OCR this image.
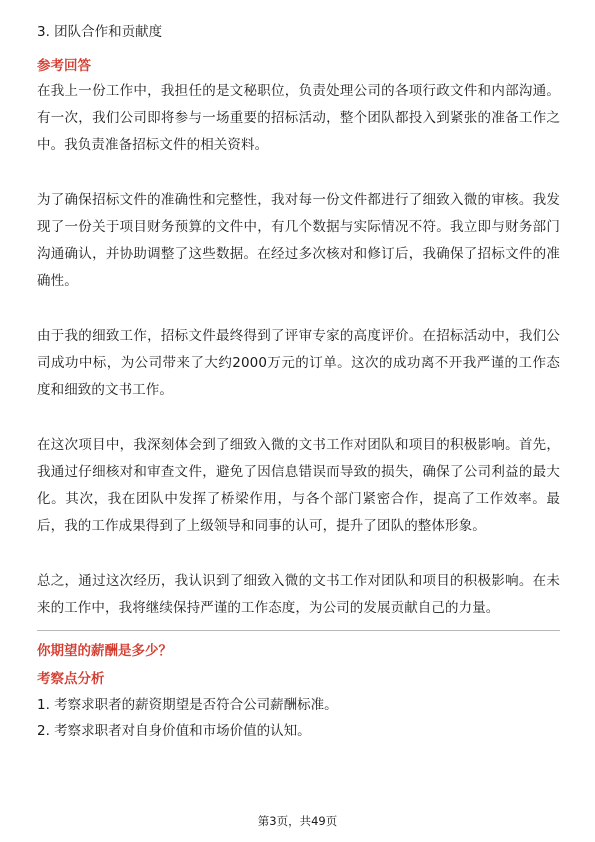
3. 团队合作和贡献度
参考回答

在我上一份工作中，我担任的是文秘职位，负责处理公司的各项行政文件和内部沟通。有一次，我们公司即将参与一场重要的招标活动，整个团队都投入到紧张的准备工作之中。我负责准备招标文件的相关资料。

为了确保招标文件的准确性和完整性，我对每一份文件都进行了细致入微的审核。我发现了一份关于项目财务预算的文件中，有几个数据与实际情况不符。我立即与财务部门沟通确认，并协助调整了这些数据。在经过多次核对和修订后，我确保了招标文件的准确性。

由于我的细致工作，招标文件最终得到了评审专家的高度评价。在招标活动中，我们公司成功中标，为公司带来了大约2000万元的订单。这次的成功离不开我严谨的工作态度和细致的文书工作。

在这次项目中，我深刻体会到了细致入微的文书工作对团队和项目的积极影响。首先，我通过仔细核对和审查文件，避免了因信息错误而导致的损失，确保了公司利益的最大化。其次，我在团队中发挥了桥梁作用，与各个部门紧密合作，提高了工作效率。最后，我的工作成果得到了上级领导和同事的认可，提升了团队的整体形象。

总之，通过这次经历，我认识到了细致入微的文书工作对团队和项目的积极影响。在未来的工作中，我将继续保持严谨的工作态度，为公司的发展贡献自己的力量。

你期望的薪酬是多少？
考察点分析
1. 考察求职者的薪资期望是否符合公司薪酬标准。
2. 考察求职者对自身价值和市场价值的认知。
第3页，共49页
